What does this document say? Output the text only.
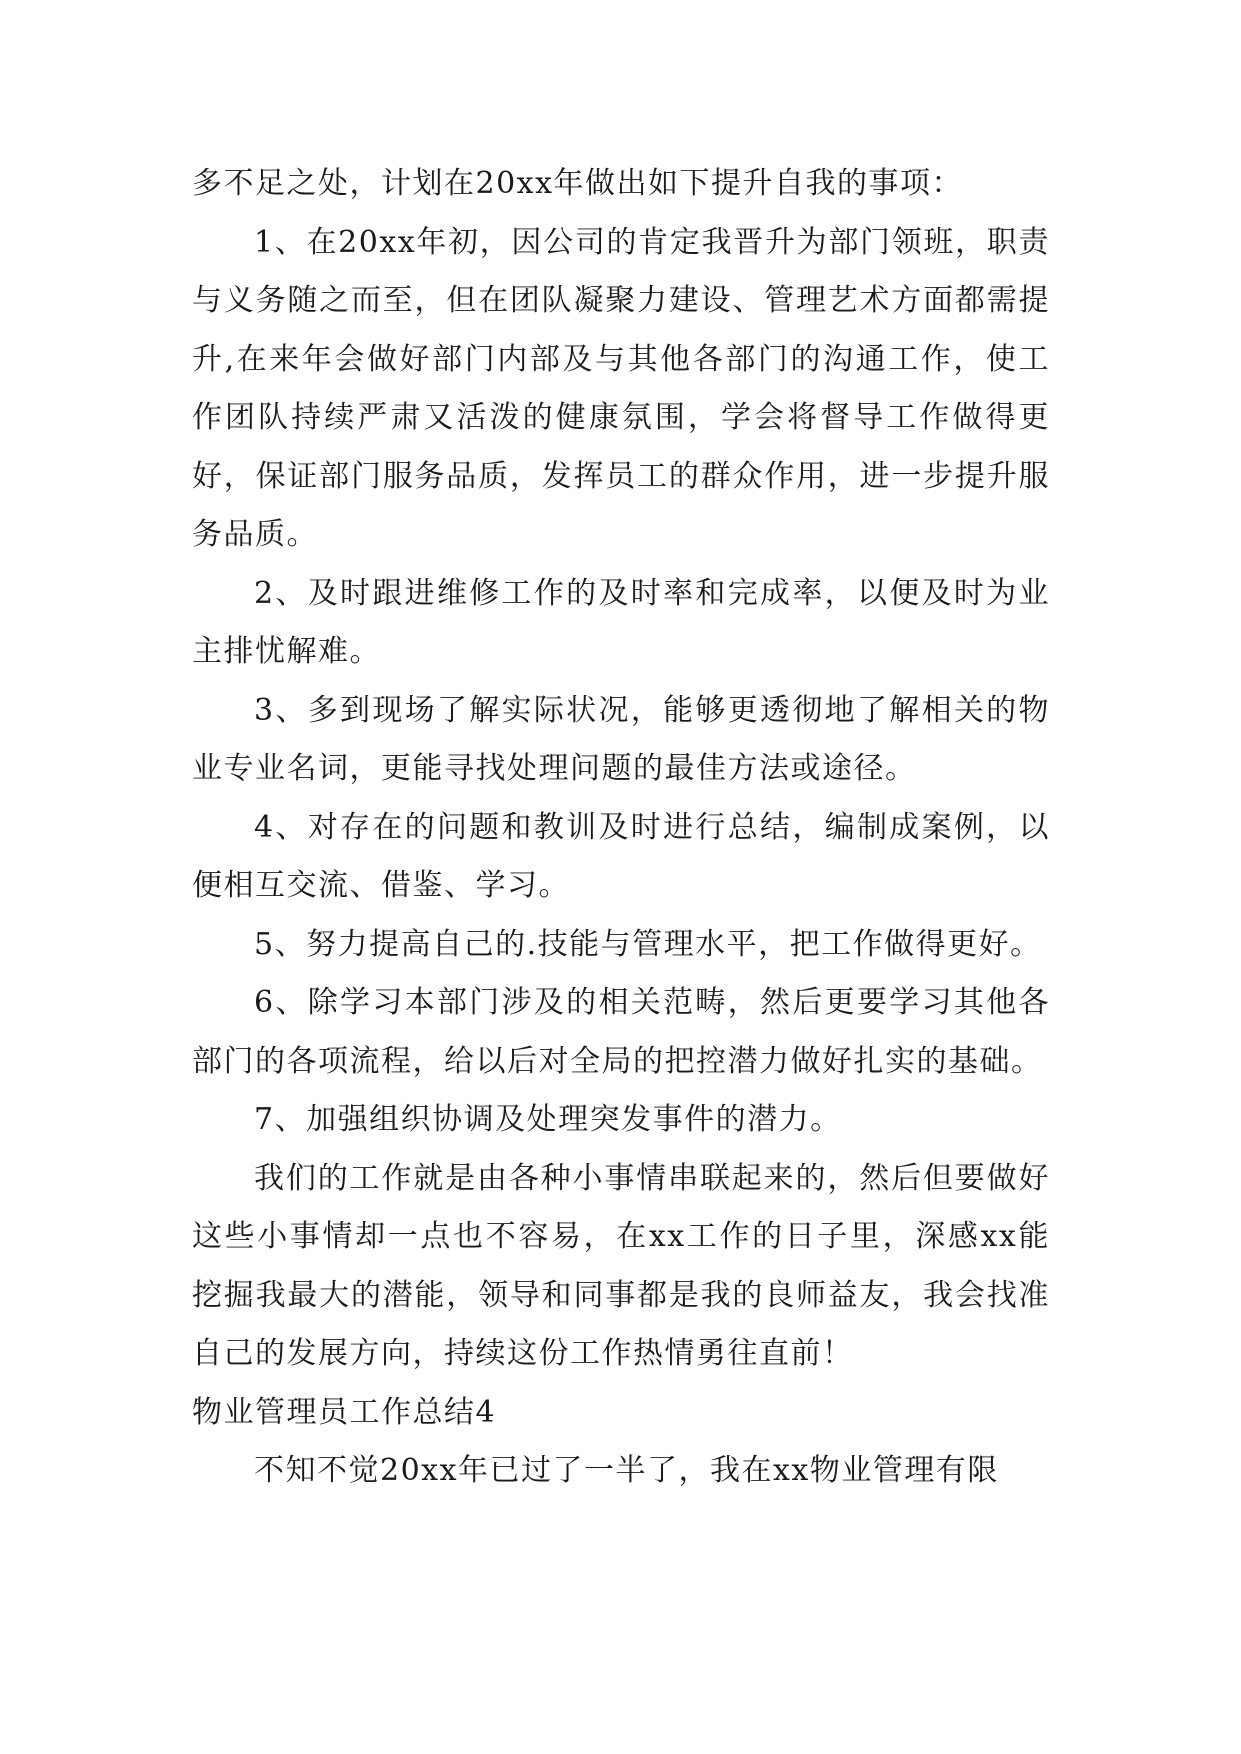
多不足之处，计划在20xx年做出如下提升自我的事项：

1、在20xx年初，因公司的肯定我晋升为部门领班，职责与义务随之而至，但在团队凝聚力建设、管理艺术方面都需提升,在来年会做好部门内部及与其他各部门的沟通工作，使工作团队持续严肃又活泼的健康氛围，学会将督导工作做得更好，保证部门服务品质，发挥员工的群众作用，进一步提升服务品质。

2、及时跟进维修工作的及时率和完成率，以便及时为业主排忧解难。

3、多到现场了解实际状况，能够更透彻地了解相关的物业专业名词，更能寻找处理问题的最佳方法或途径。

4、对存在的问题和教训及时进行总结，编制成案例，以便相互交流、借鉴、学习。

5、努力提高自己的.技能与管理水平，把工作做得更好。

6、除学习本部门涉及的相关范畴，然后更要学习其他各部门的各项流程，给以后对全局的把控潜力做好扎实的基础。

7、加强组织协调及处理突发事件的潜力。

我们的工作就是由各种小事情串联起来的，然后但要做好这些小事情却一点也不容易，在xx工作的日子里，深感xx能挖掘我最大的潜能，领导和同事都是我的良师益友，我会找准自己的发展方向，持续这份工作热情勇往直前！

物业管理员工作总结4

不知不觉20xx年已过了一半了，我在xx物业管理有限
